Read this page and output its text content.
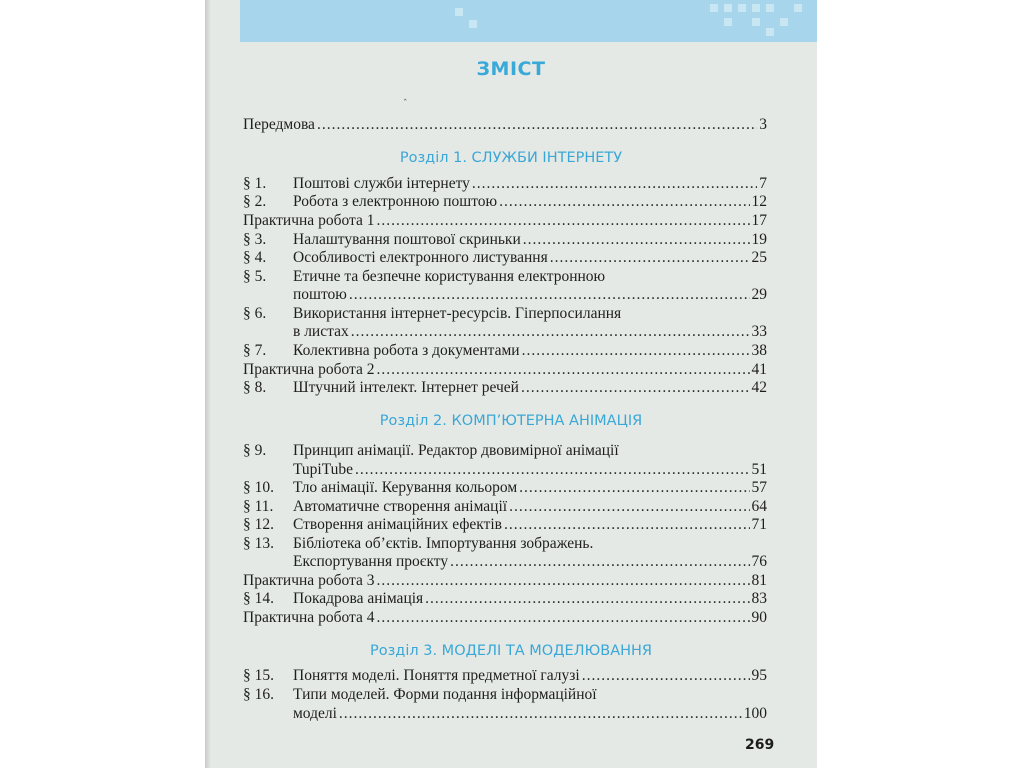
ЗМІСТ
ˆ
Передмова .....	3
Розділ 1. СЛУЖБИ ІНТЕРНЕТУ
§ 1.	Поштові служби інтернету .....	7
§ 2.	Робота з електронною поштою .....	12
Практична робота 1 .....	17
§ 3.	Налаштування поштової скриньки .....	19
§ 4.	Особливості електронного листування .....	25
§ 5.	Етичне та безпечне користування електронною
поштою .....	29
§ 6.	Використання інтернет-ресурсів. Гіперпосилання
в листах .....	33
§ 7.	Колективна робота з документами .....	38
Практична робота 2 .....	41
§ 8.	Штучний інтелект. Інтернет речей .....	42
§ 9.	Принцип анімації. Редактор двовимірної анімації
TupiTube .....	51
§ 10.	Тло анімації. Керування кольором .....	57
§ 11.	Автоматичне створення анімації .....	64
§ 12.	Створення анімаційних ефектів .....	71
§ 13.	Бібліотека об’єктів. Імпортування зображень.
Експортування проєкту .....	76
Практична робота 3 .....	81
§ 14.	Покадрова анімація .....	83
Практична робота 4 .....	90
§ 15.	Поняття моделі. Поняття предметної галузі .....	95
§ 16.	Типи моделей. Форми подання інформаційної
моделі .....	100
Розділ 2. КОМП’ЮТЕРНА АНІМАЦІЯ
Розділ 3. МОДЕЛІ ТА МОДЕЛЮВАННЯ
269
